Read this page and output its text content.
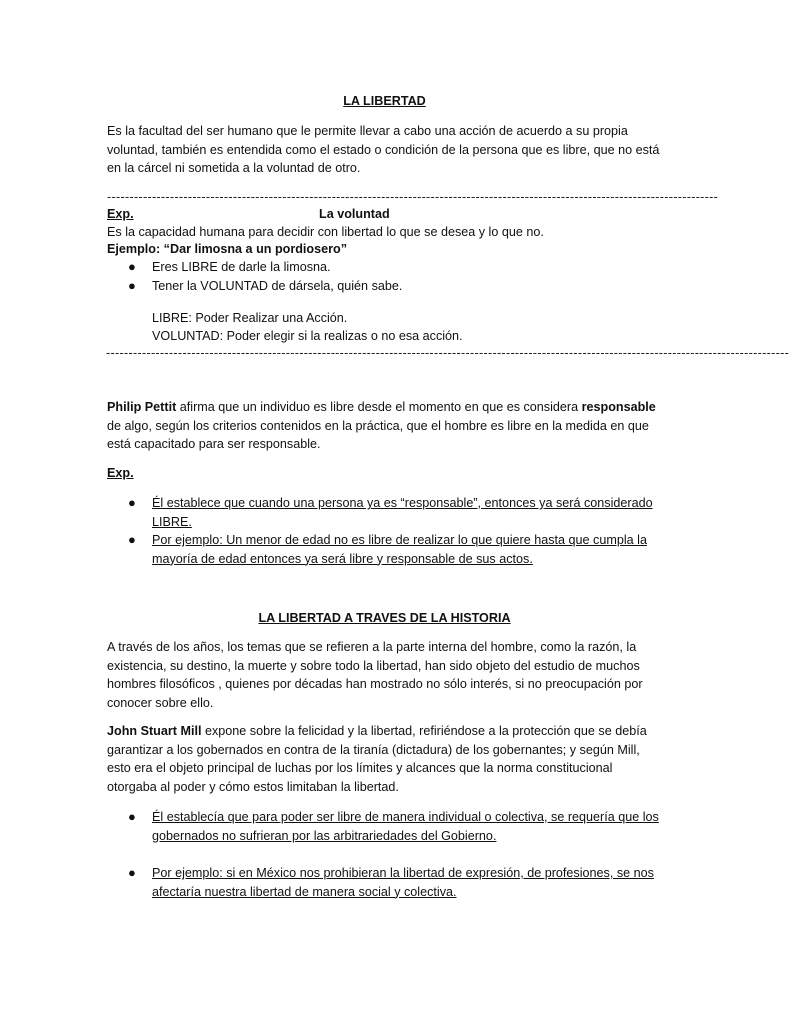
LA LIBERTAD
Es la facultad del ser humano que le permite llevar a cabo una acción de acuerdo a su propia voluntad, también es entendida como el estado o condición de la persona que es libre, que no está en la cárcel ni sometida a la voluntad de otro.
----------------------------------------------------------------------------------------------------------------------------------------
Exp.	La voluntad
Es la capacidad humana para decidir con libertad lo que se desea y lo que no.
Ejemplo: “Dar limosna a un pordiosero”
● Eres LIBRE de darle la limosna.
● Tener la VOLUNTAD de dársela, quién sabe.
LIBRE: Poder Realizar una Acción.
VOLUNTAD: Poder elegir si la realizas o no esa acción.
--------------------------------------------------------------------------------------------------------------------------------------------------------
Philip Pettit afirma que un individuo es libre desde el momento en que es considera responsable de algo, según los criterios contenidos en la práctica, que el hombre es libre en la medida en que está capacitado para ser responsable.
Exp.
● Él establece que cuando una persona ya es “responsable”, entonces ya será considerado LIBRE.
● Por ejemplo: Un menor de edad no es libre de realizar lo que quiere hasta que cumpla la mayoría de edad entonces ya será libre y responsable de sus actos.
LA LIBERTAD A TRAVES DE LA HISTORIA
A través de los años, los temas que se refieren a la parte interna del hombre, como la razón, la existencia, su destino, la muerte y sobre todo la libertad, han sido objeto del estudio de muchos hombres filosóficos , quienes por décadas han mostrado no sólo interés, si no preocupación por conocer sobre ello.
John Stuart Mill expone sobre la felicidad y la libertad, refiriéndose a la protección que se debía garantizar a los gobernados en contra de la tiranía (dictadura) de los gobernantes; y según Mill, esto era el objeto principal de luchas por los límites y alcances que la norma constitucional otorgaba al poder y cómo estos limitaban la libertad.
● Él establecía que para poder ser libre de manera individual o colectiva, se requería que los gobernados no sufrieran por las arbitrariedades del Gobierno.
● Por ejemplo: si en México nos prohibieran la libertad de expresión, de profesiones, se nos afectaría nuestra libertad de manera social y colectiva.
